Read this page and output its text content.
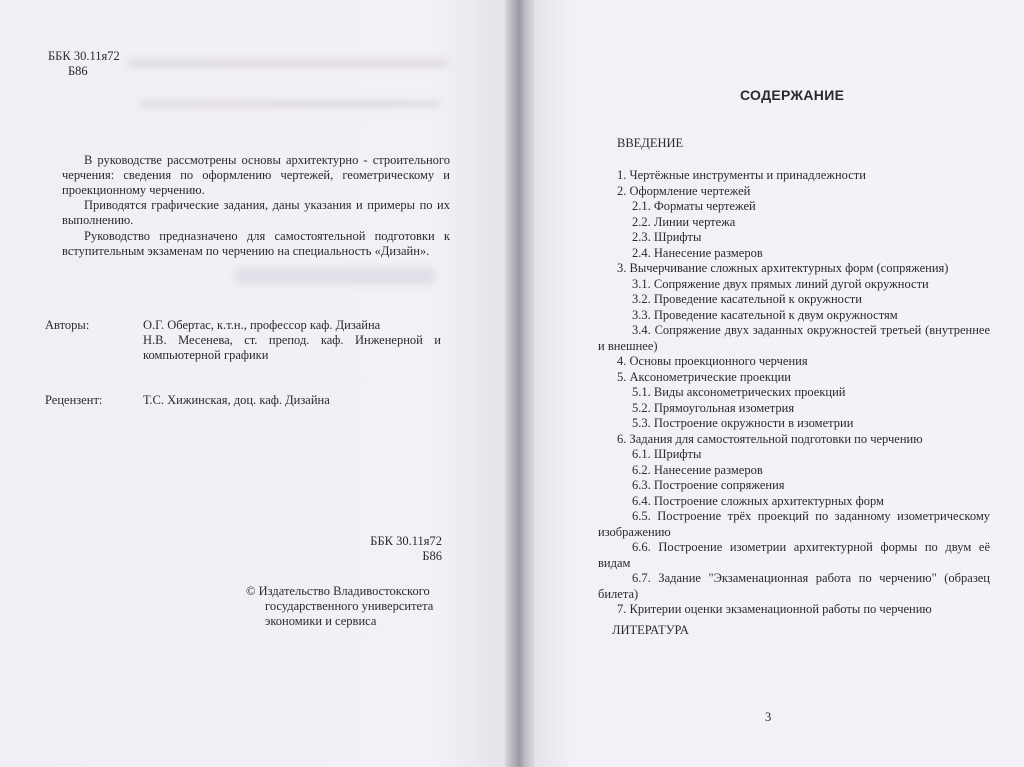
ББК 30.11я72
Б86
В руководстве рассмотрены основы архитектурно - строительного черчения: сведения по оформлению чертежей, геометрическому и проекционному черчению.
Приводятся графические задания, даны указания и примеры по их выполнению.
Руководство предназначено для самостоятельной подготовки к вступительным экзаменам по черчению на специальность «Дизайн».
Авторы:	О.Г. Обертас, к.т.н., профессор каф. Дизайна
Н.В. Месенева, ст. препод. каф. Инженерной и компьютерной графики
Рецензент:	Т.С. Хижинская, доц. каф. Дизайна
ББК 30.11я72
Б86
© Издательство Владивостокского
государственного университета
экономики и сервиса
СОДЕРЖАНИЕ
ВВЕДЕНИЕ
1. Чертёжные инструменты и принадлежности
2. Оформление чертежей
2.1. Форматы чертежей
2.2. Линии чертежа
2.3. Шрифты
2.4. Нанесение размеров
3. Вычерчивание сложных архитектурных форм (сопряжения)
3.1. Сопряжение двух прямых линий дугой окружности
3.2. Проведение касательной к окружности
3.3. Проведение касательной к двум окружностям
3.4. Сопряжение двух заданных окружностей третьей (внутреннее и внешнее)
4. Основы проекционного черчения
5. Аксонометрические проекции
5.1. Виды аксонометрических проекций
5.2. Прямоугольная изометрия
5.3. Построение окружности в изометрии
6. Задания для самостоятельной подготовки по черчению
6.1. Шрифты
6.2. Нанесение размеров
6.3. Построение сопряжения
6.4. Построение сложных архитектурных форм
6.5. Построение трёх проекций по заданному изометрическому изображению
6.6. Построение изометрии архитектурной формы по двум её видам
6.7. Задание "Экзаменационная работа по черчению" (образец билета)
7. Критерии оценки экзаменационной работы по черчению
ЛИТЕРАТУРА
3
